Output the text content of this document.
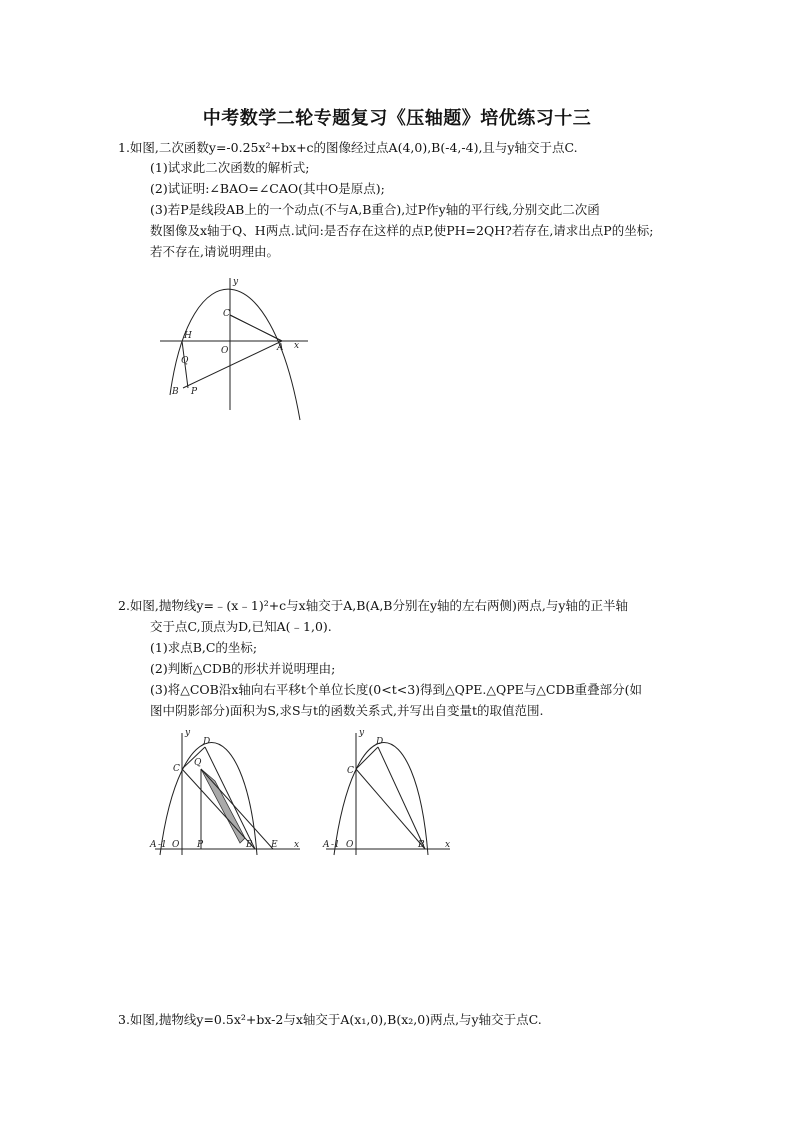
中考数学二轮专题复习《压轴题》培优练习十三
1.如图,二次函数y=-0.25x²+bx+c的图像经过点A(4,0),B(-4,-4),且与y轴交于点C.
(1)试求此二次函数的解析式;
(2)试证明:∠BAO=∠CAO(其中O是原点);
(3)若P是线段AB上的一个动点(不与A,B重合),过P作y轴的平行线,分别交此二次函
数图像及x轴于Q、H两点.试问:是否存在这样的点P,使PH=2QH?若存在,请求出点P的坐标;
若不存在,请说明理由。
y
x
C
H
O	A
Q
B P
2.如图,抛物线y=﹣(x﹣1)²+c与x轴交于A,B(A,B分别在y轴的左右两侧)两点,与y轴的正半轴
交于点C,顶点为D,已知A(﹣1,0).
(1)求点B,C的坐标;
(2)判断△CDB的形状并说明理由;
(3)将△COB沿x轴向右平移t个单位长度(0<t<3)得到△QPE.△QPE与△CDB重叠部分(如
图中阴影部分)面积为S,求S与t的函数关系式,并写出自变量t的取值范围.
y
D
C
Q
A -1 O P	B E x
y
D
C
A -1 O	B x
3.如图,抛物线y=0.5x²+bx-2与x轴交于A(x₁,0),B(x₂,0)两点,与y轴交于点C.
